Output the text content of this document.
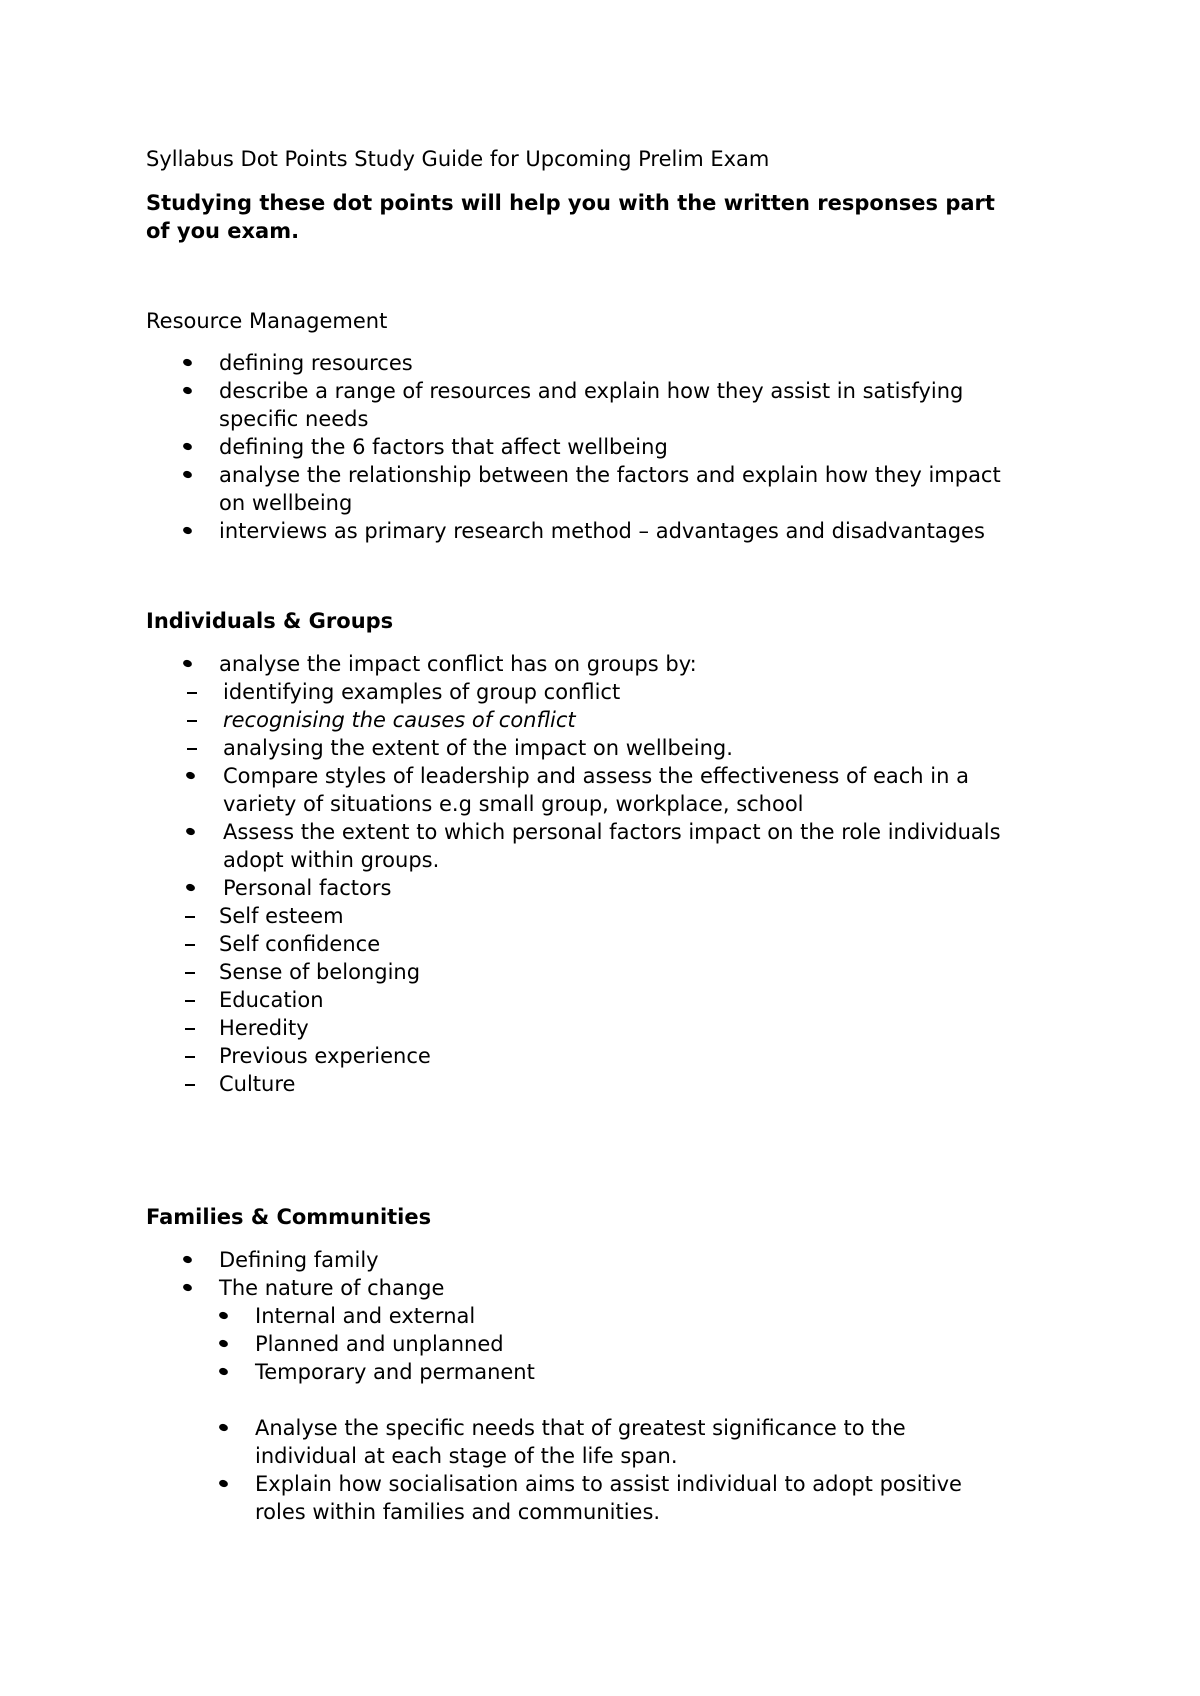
Syllabus Dot Points Study Guide for Upcoming Prelim Exam
Studying these dot points will help you with the written responses part
of you exam.
Resource Management
defining resources
describe a range of resources and explain how they assist in satisfying
specific needs
defining the 6 factors that affect wellbeing
analyse the relationship between the factors and explain how they impact
on wellbeing
interviews as primary research method – advantages and disadvantages
Individuals & Groups
analyse the impact conflict has on groups by:
identifying examples of group conflict
recognising the causes of conflict
analysing the extent of the impact on wellbeing.
Compare styles of leadership and assess the effectiveness of each in a
variety of situations e.g small group, workplace, school
Assess the extent to which personal factors impact on the role individuals
adopt within groups.
Personal factors
Self esteem
Self confidence
Sense of belonging
Education
Heredity
Previous experience
Culture
Families & Communities
Defining family
The nature of change
Internal and external
Planned and unplanned
Temporary and permanent
Analyse the specific needs that of greatest significance to the
individual at each stage of the life span.
Explain how socialisation aims to assist individual to adopt positive
roles within families and communities.
